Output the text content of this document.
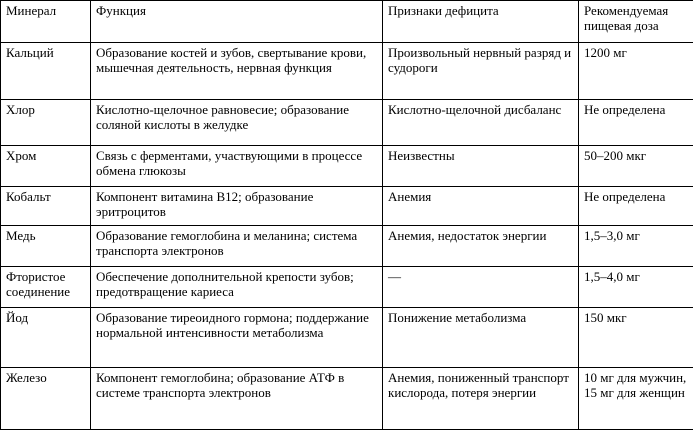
Минерал	Функция	Признаки дефицита	Рекомендуемая пищевая доза
Кальций	Образование костей и зубов, свертывание крови, мышечная деятельность, нервная функция	Произвольный нервный разряд и судороги	1200 мг
Хлор	Кислотно-щелочное равновесие; образование соляной кислоты в желудке	Кислотно-щелочной дисбаланс	Не определена
Хром	Связь с ферментами, участвующими в процессе обмена глюкозы	Неизвестны	50–200 мкг
Кобальт	Компонент витамина В12; образование эритроцитов	Анемия	Не определена
Медь	Образование гемоглобина и меланина; система транспорта электронов	Анемия, недостаток энергии	1,5–3,0 мг
Фтористое соединение	Обеспечение дополнительной крепости зубов; предотвращение кариеса	—	1,5–4,0 мг
Йод	Образование тиреоидного гормона; поддержание нормальной интенсивности метаболизма	Понижение метаболизма	150 мкг
Железо	Компонент гемоглобина; образование АТФ в системе транспорта электронов	Анемия, пониженный транспорт кислорода, потеря энергии	10 мг для мужчин, 15 мг для женщин
